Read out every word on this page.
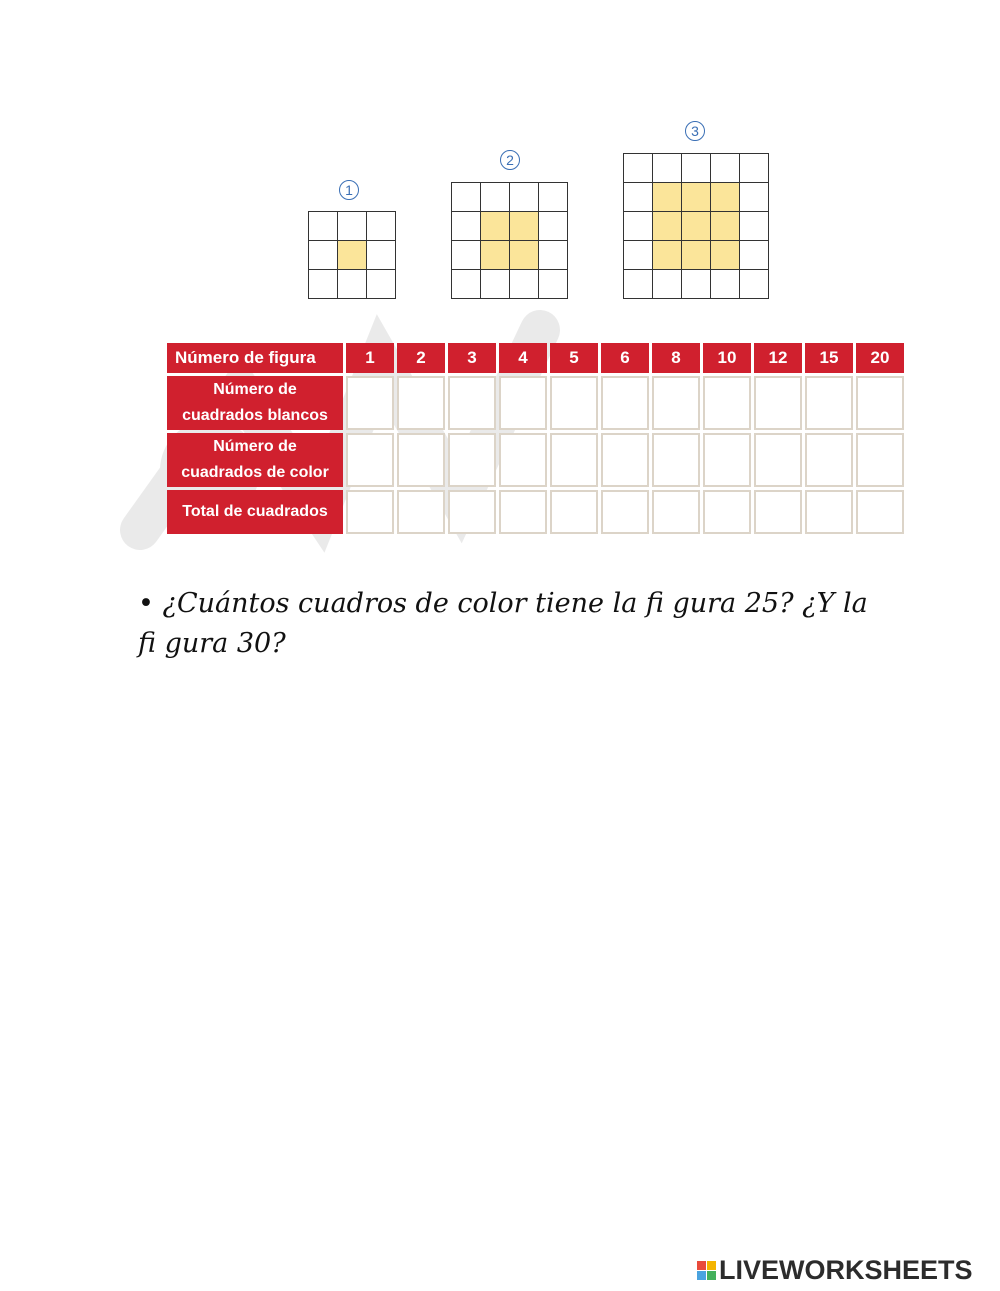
1
2
3
Número de figura	1	2	3	4	5	6	8	10	12	15	20

Número de
cuadrados blancos

Número de
cuadrados de color

Total de cuadrados

• ¿Cuántos cuadros de color tiene la fi gura 25? ¿Y la
fi gura 30?
LIVEWORKSHEETS
